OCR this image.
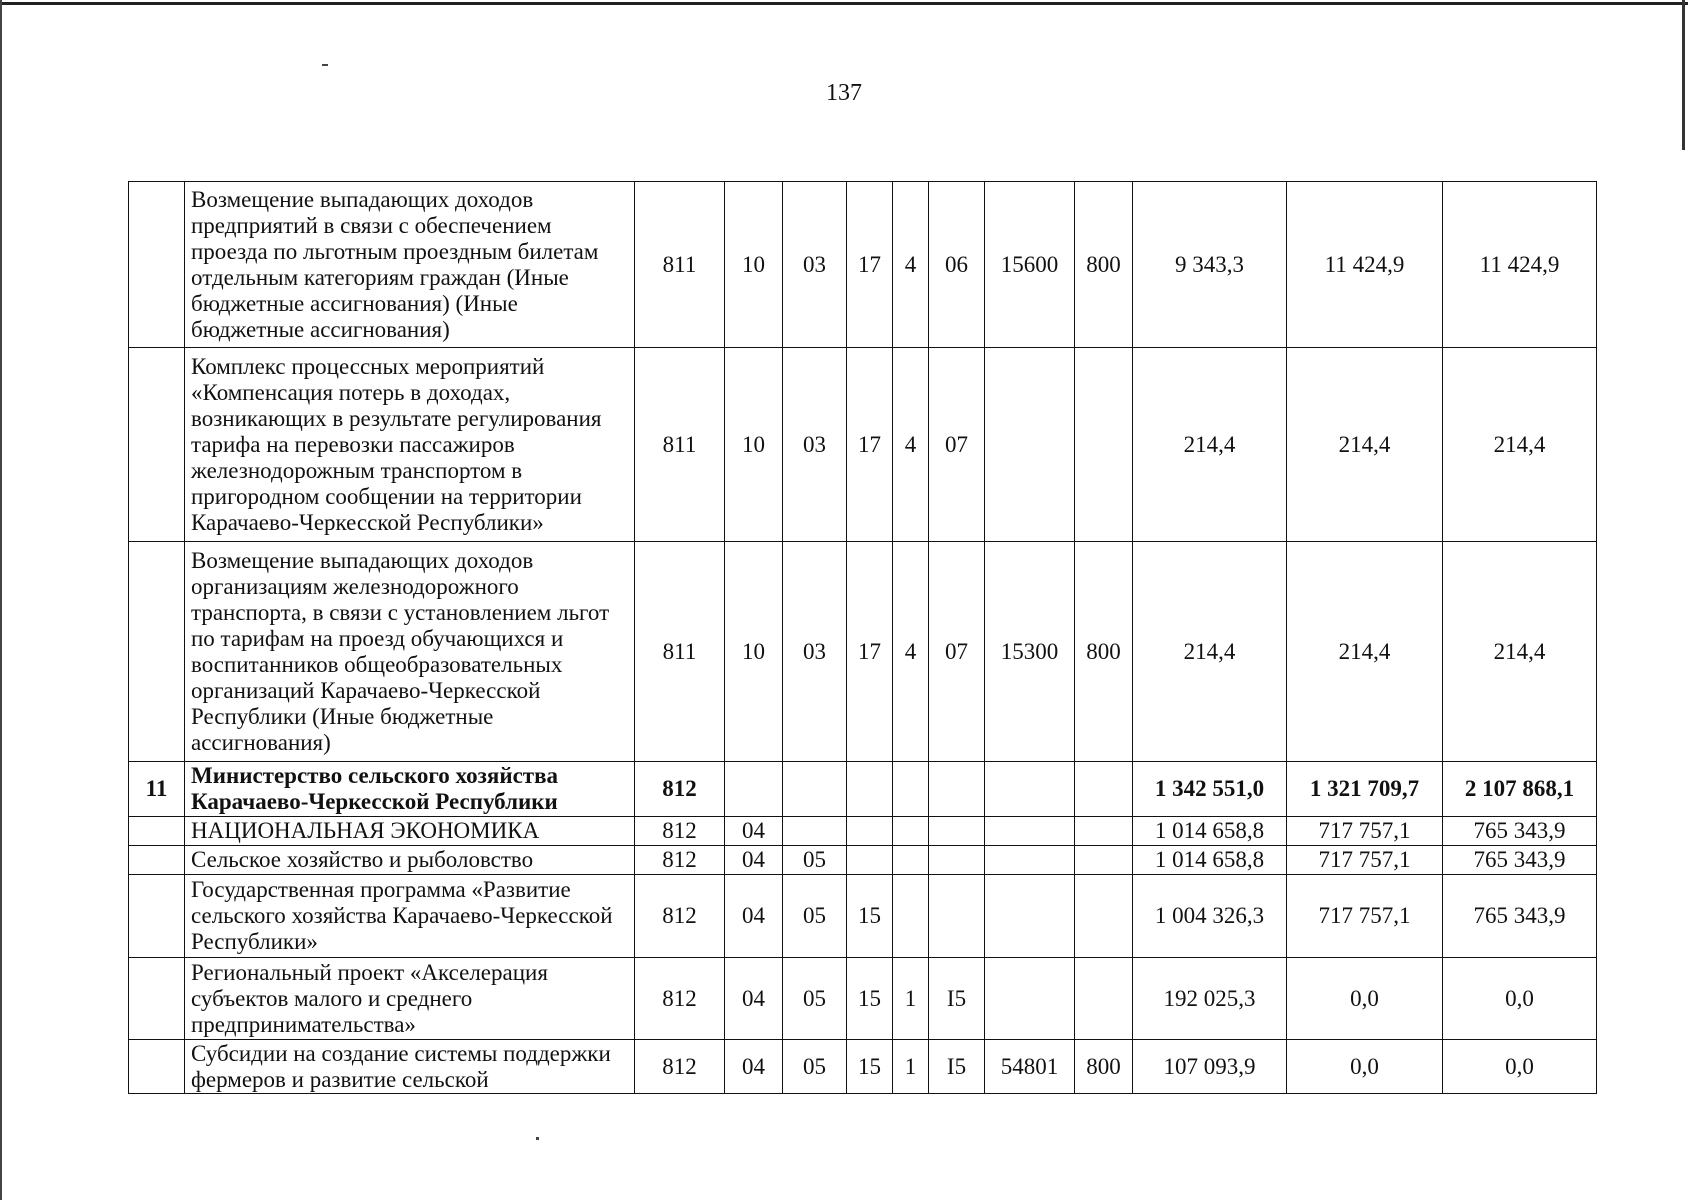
137
	Возмещение выпадающих доходов предприятий в связи с обеспечением проезда по льготным проездным билетам отдельным категориям граждан (Иные бюджетные ассигнования) (Иные бюджетные ассигнования)	811	10	03	17	4	06	15600	800	9 343,3	11 424,9	11 424,9
	Комплекс процессных мероприятий «Компенсация потерь в доходах, возникающих в результате регулирования тарифа на перевозки пассажиров железнодорожным транспортом в пригородном сообщении на территории Карачаево-Черкесской Республики»	811	10	03	17	4	07			214,4	214,4	214,4
	Возмещение выпадающих доходов организациям железнодорожного транспорта, в связи с установлением льгот по тарифам на проезд обучающихся и воспитанников общеобразовательных организаций Карачаево-Черкесской Республики (Иные бюджетные ассигнования)	811	10	03	17	4	07	15300	800	214,4	214,4	214,4
11	Министерство сельского хозяйства Карачаево-Черкесской Республики	812								1 342 551,0	1 321 709,7	2 107 868,1
	НАЦИОНАЛЬНАЯ ЭКОНОМИКА	812	04							1 014 658,8	717 757,1	765 343,9
	Сельское хозяйство и рыболовство	812	04	05						1 014 658,8	717 757,1	765 343,9
	Государственная программа «Развитие сельского хозяйства Карачаево-Черкесской Республики»	812	04	05	15					1 004 326,3	717 757,1	765 343,9
	Региональный проект «Акселерация субъектов малого и среднего предпринимательства»	812	04	05	15	1	I5			192 025,3	0,0	0,0
	Субсидии на создание системы поддержки фермеров и развитие сельской	812	04	05	15	1	I5	54801	800	107 093,9	0,0	0,0
